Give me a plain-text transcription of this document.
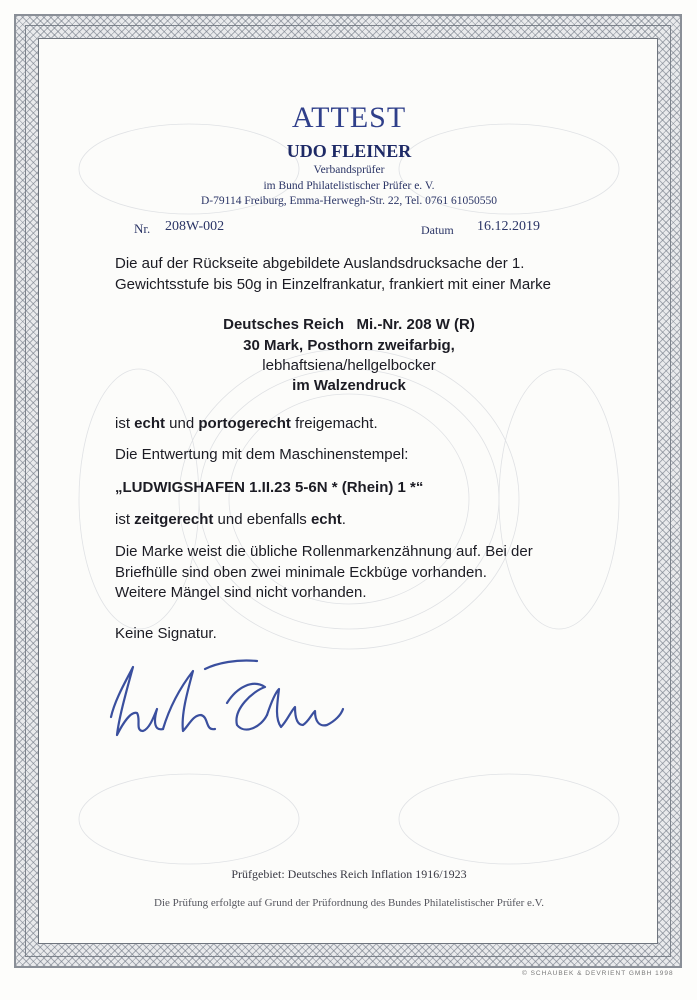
ATTEST
UDO FLEINER
Verbandsprüfer
im Bund Philatelistischer Prüfer e. V.
D-79114 Freiburg, Emma-Herwegh-Str. 22, Tel. 0761 61050550
Nr. 208W-002	Datum 16.12.2019
Die auf der Rückseite abgebildete Auslandsdrucksache der 1.
Gewichtsstufe bis 50g in Einzelfrankatur, frankiert mit einer Marke
Deutsches Reich Mi.-Nr. 208 W (R)
30 Mark, Posthorn zweifarbig,
lebhaftsiena/hellgelbocker
im Walzendruck
ist echt und portogerecht freigemacht.
Die Entwertung mit dem Maschinenstempel:
„LUDWIGSHAFEN 1.II.23 5-6N * (Rhein) 1 *“
ist zeitgerecht und ebenfalls echt.
Die Marke weist die übliche Rollenmarkenzähnung auf. Bei der
Briefhülle sind oben zwei minimale Eckbüge vorhanden.
Weitere Mängel sind nicht vorhanden.
Keine Signatur.
Prüfgebiet: Deutsches Reich Inflation 1916/1923
Die Prüfung erfolgte auf Grund der Prüfordnung des Bundes Philatelistischer Prüfer e.V.
© SCHAUBEK & DEVRIENT GMBH 1998
